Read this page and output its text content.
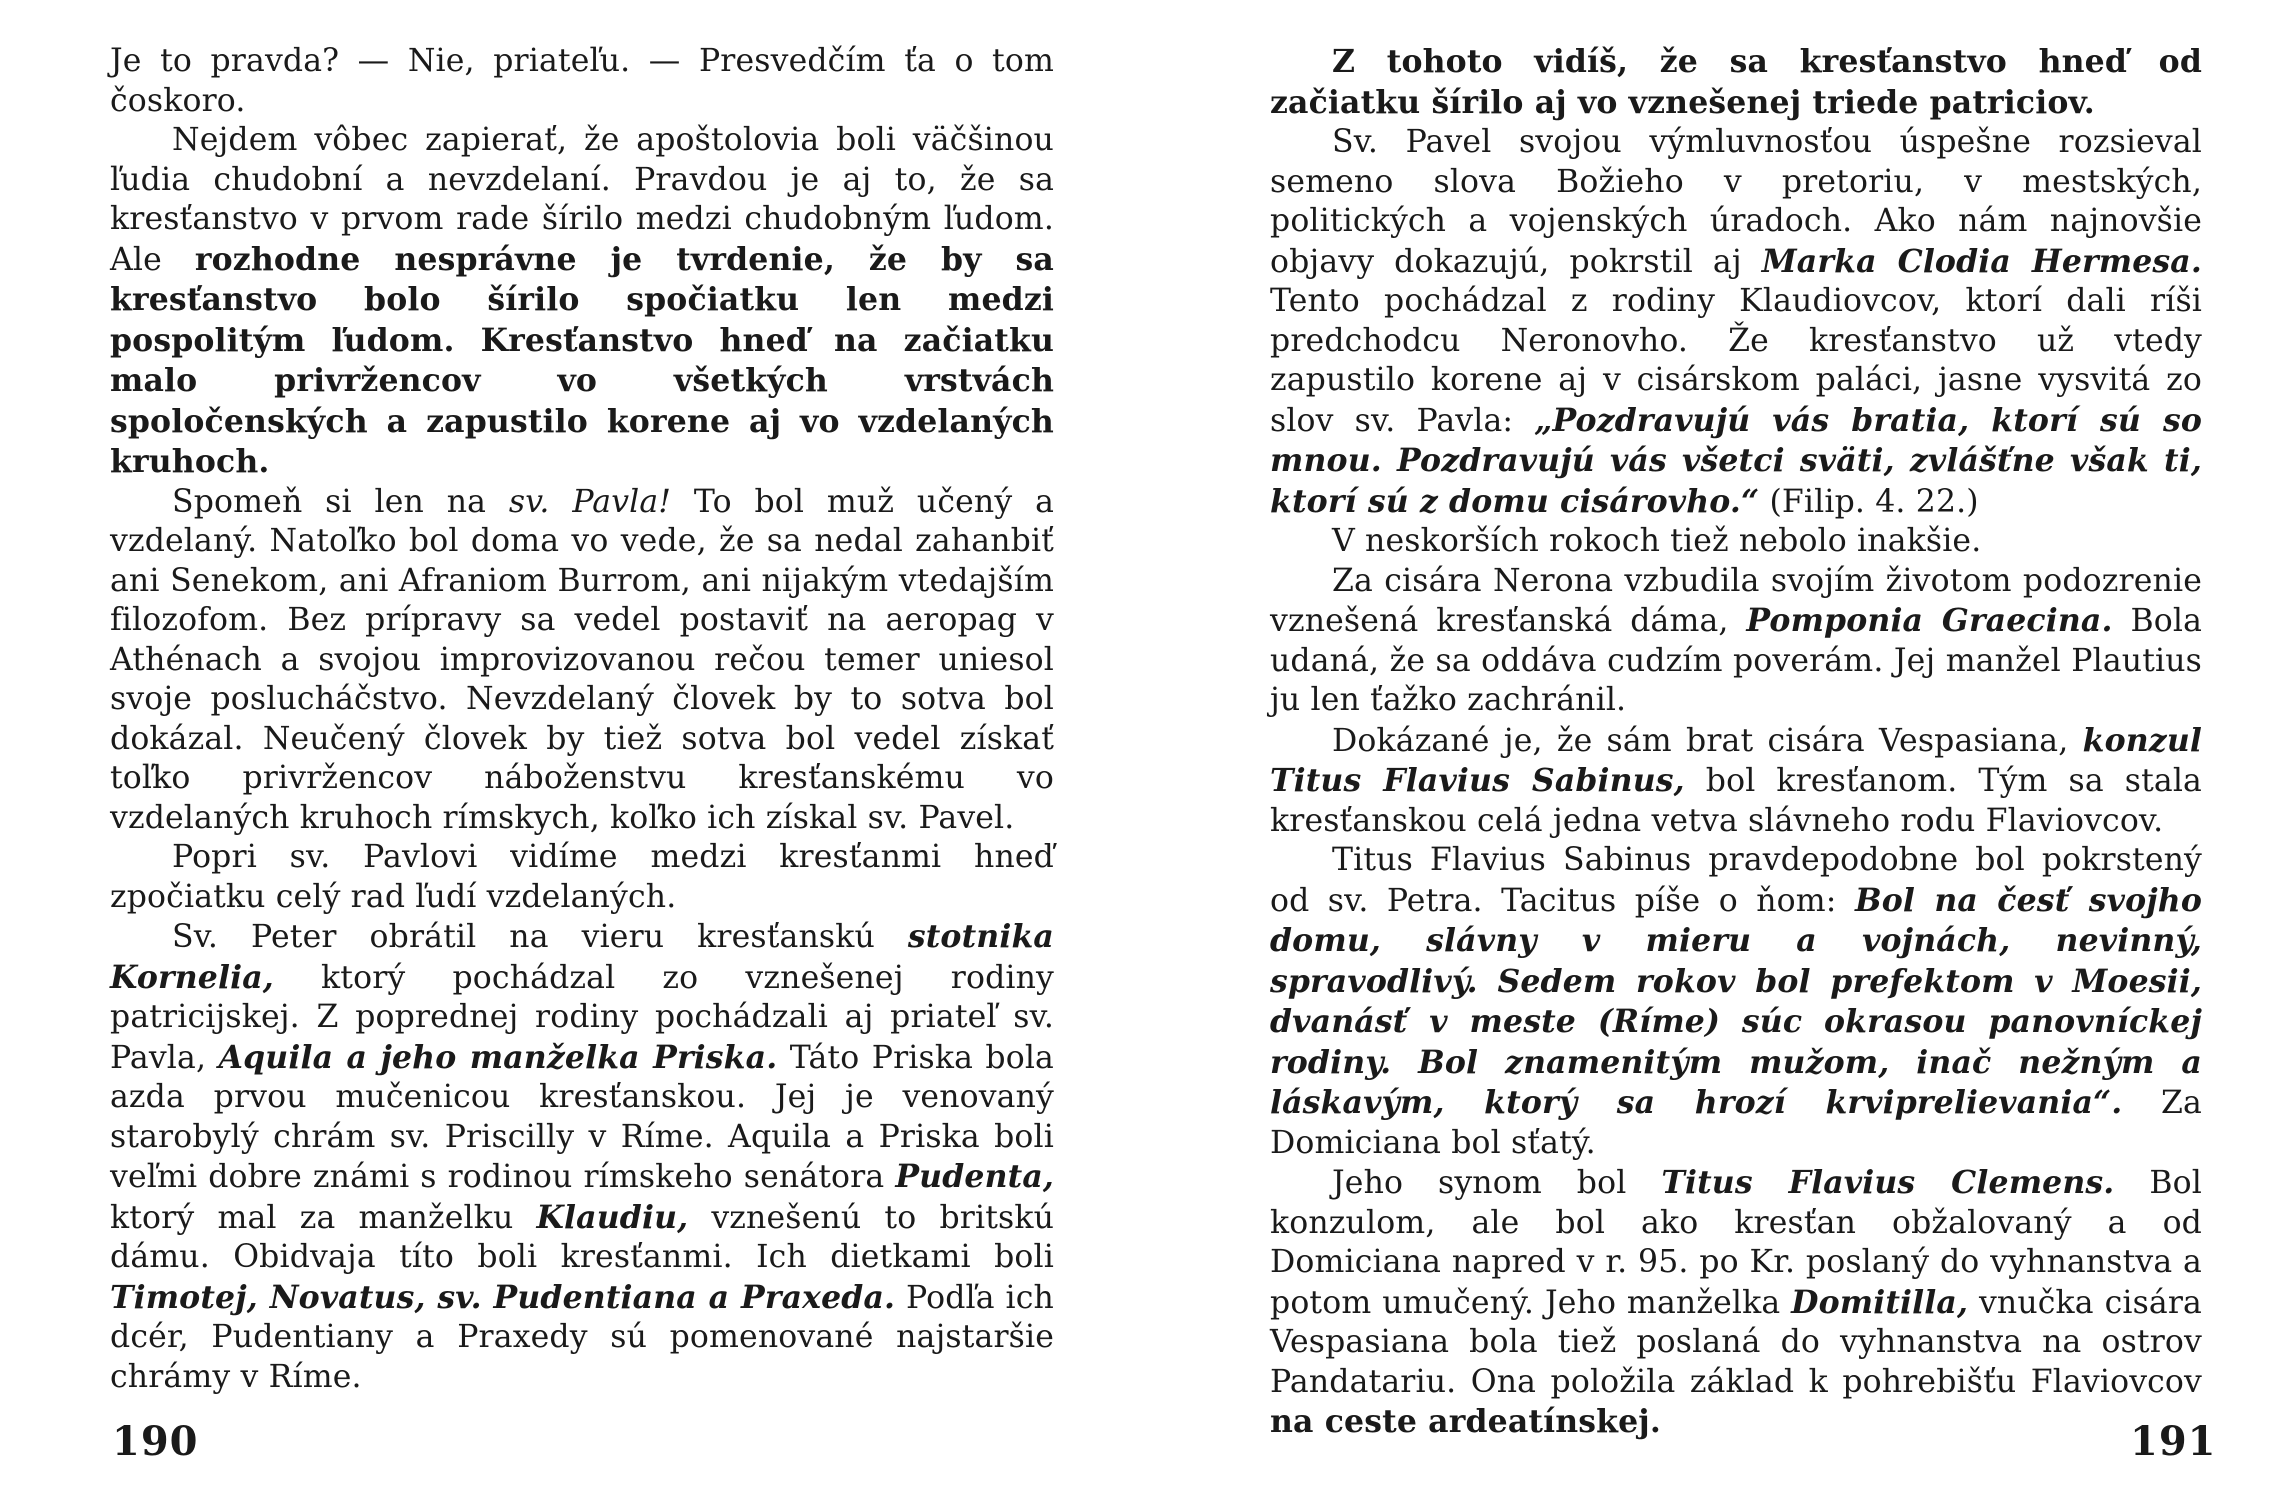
Je to pravda? — Nie, priateľu. — Presvedčím ťa o tom čoskoro.

Nejdem vôbec zapierať, že apoštolovia boli väčšinou ľudia chudobní a nevzdelaní. Pravdou je aj to, že sa kresťanstvo v prvom rade šírilo medzi chudobným ľudom. Ale rozhodne nesprávne je tvrdenie, že by sa kresťanstvo bolo šírilo spočiatku len medzi pospolitým ľudom. Kresťanstvo hneď na začiatku malo privržencov vo všetkých vrstvách spoločenských a zapustilo korene aj vo vzdelaných kruhoch.

Spomeň si len na sv. Pavla! To bol muž učený a vzdelaný. Natoľko bol doma vo vede, že sa nedal zahanbiť ani Senekom, ani Afraniom Burrom, ani nijakým vtedajším filozofom. Bez prípravy sa vedel postaviť na aeropag v Athénach a svojou improvizovanou rečou temer uniesol svoje poslucháčstvo. Nevzdelaný človek by to sotva bol dokázal. Neučený človek by tiež sotva bol vedel získať toľko privržencov náboženstvu kresťanskému vo vzdelaných kruhoch rímskych, koľko ich získal sv. Pavel.

Popri sv. Pavlovi vidíme medzi kresťanmi hneď zpočiatku celý rad ľudí vzdelaných.

Sv. Peter obrátil na vieru kresťanskú stotnika Kornelia, ktorý pochádzal zo vznešenej rodiny patricijskej. Z poprednej rodiny pochádzali aj priateľ sv. Pavla, Aquila a jeho manželka Priska. Táto Priska bola azda prvou mučenicou kresťanskou. Jej je venovaný starobylý chrám sv. Priscilly v Ríme. Aquila a Priska boli veľmi dobre známi s rodinou rímskeho senátora Pudenta, ktorý mal za manželku Klaudiu, vznešenú to britskú dámu. Obidvaja títo boli kresťanmi. Ich dietkami boli Timotej, Novatus, sv. Pudentiana a Praxeda. Podľa ich dcér, Pudentiany a Praxedy sú pomenované najstaršie chrámy v Ríme.

190

Z tohoto vidíš, že sa kresťanstvo hneď od začiatku šírilo aj vo vznešenej triede patriciov.

Sv. Pavel svojou výmluvnosťou úspešne rozsieval semeno slova Božieho v pretoriu, v mestských, politických a vojenských úradoch. Ako nám najnovšie objavy dokazujú, pokrstil aj Marka Clodia Hermesa. Tento pochádzal z rodiny Klaudiovcov, ktorí dali ríši predchodcu Neronovho. Že kresťanstvo už vtedy zapustilo korene aj v cisárskom paláci, jasne vysvitá zo slov sv. Pavla: „Pozdravujú vás bratia, ktorí sú so mnou. Pozdravujú vás všetci sväti, zvlášťne však ti, ktorí sú z domu cisárovho.“ (Filip. 4. 22.)

V neskorších rokoch tiež nebolo inakšie.

Za cisára Nerona vzbudila svojím životom podozrenie vznešená kresťanská dáma, Pomponia Graecina. Bola udaná, že sa oddáva cudzím poverám. Jej manžel Plautius ju len ťažko zachránil.

Dokázané je, že sám brat cisára Vespasiana, konzul Titus Flavius Sabinus, bol kresťanom. Tým sa stala kresťanskou celá jedna vetva slávneho rodu Flaviovcov.

Titus Flavius Sabinus pravdepodobne bol pokrstený od sv. Petra. Tacitus píše o ňom: Bol na česť svojho domu, slávny v mieru a vojnách, nevinný, spravodlivý. Sedem rokov bol prefektom v Moesii, dvanásť v meste (Ríme) súc okrasou panovníckej rodiny. Bol znamenitým mužom, inač nežným a láskavým, ktorý sa hrozí krviprelievania“. Za Domiciana bol sťatý.

Jeho synom bol Titus Flavius Clemens. Bol konzulom, ale bol ako kresťan obžalovaný a od Domiciana napred v r. 95. po Kr. poslaný do vyhnanstva a potom umučený. Jeho manželka Domitilla, vnučka cisára Vespasiana bola tiež poslaná do vyhnanstva na ostrov Pandatariu. Ona položila základ k pohrebišťu Flaviovcov na ceste ardeatínskej.	191
